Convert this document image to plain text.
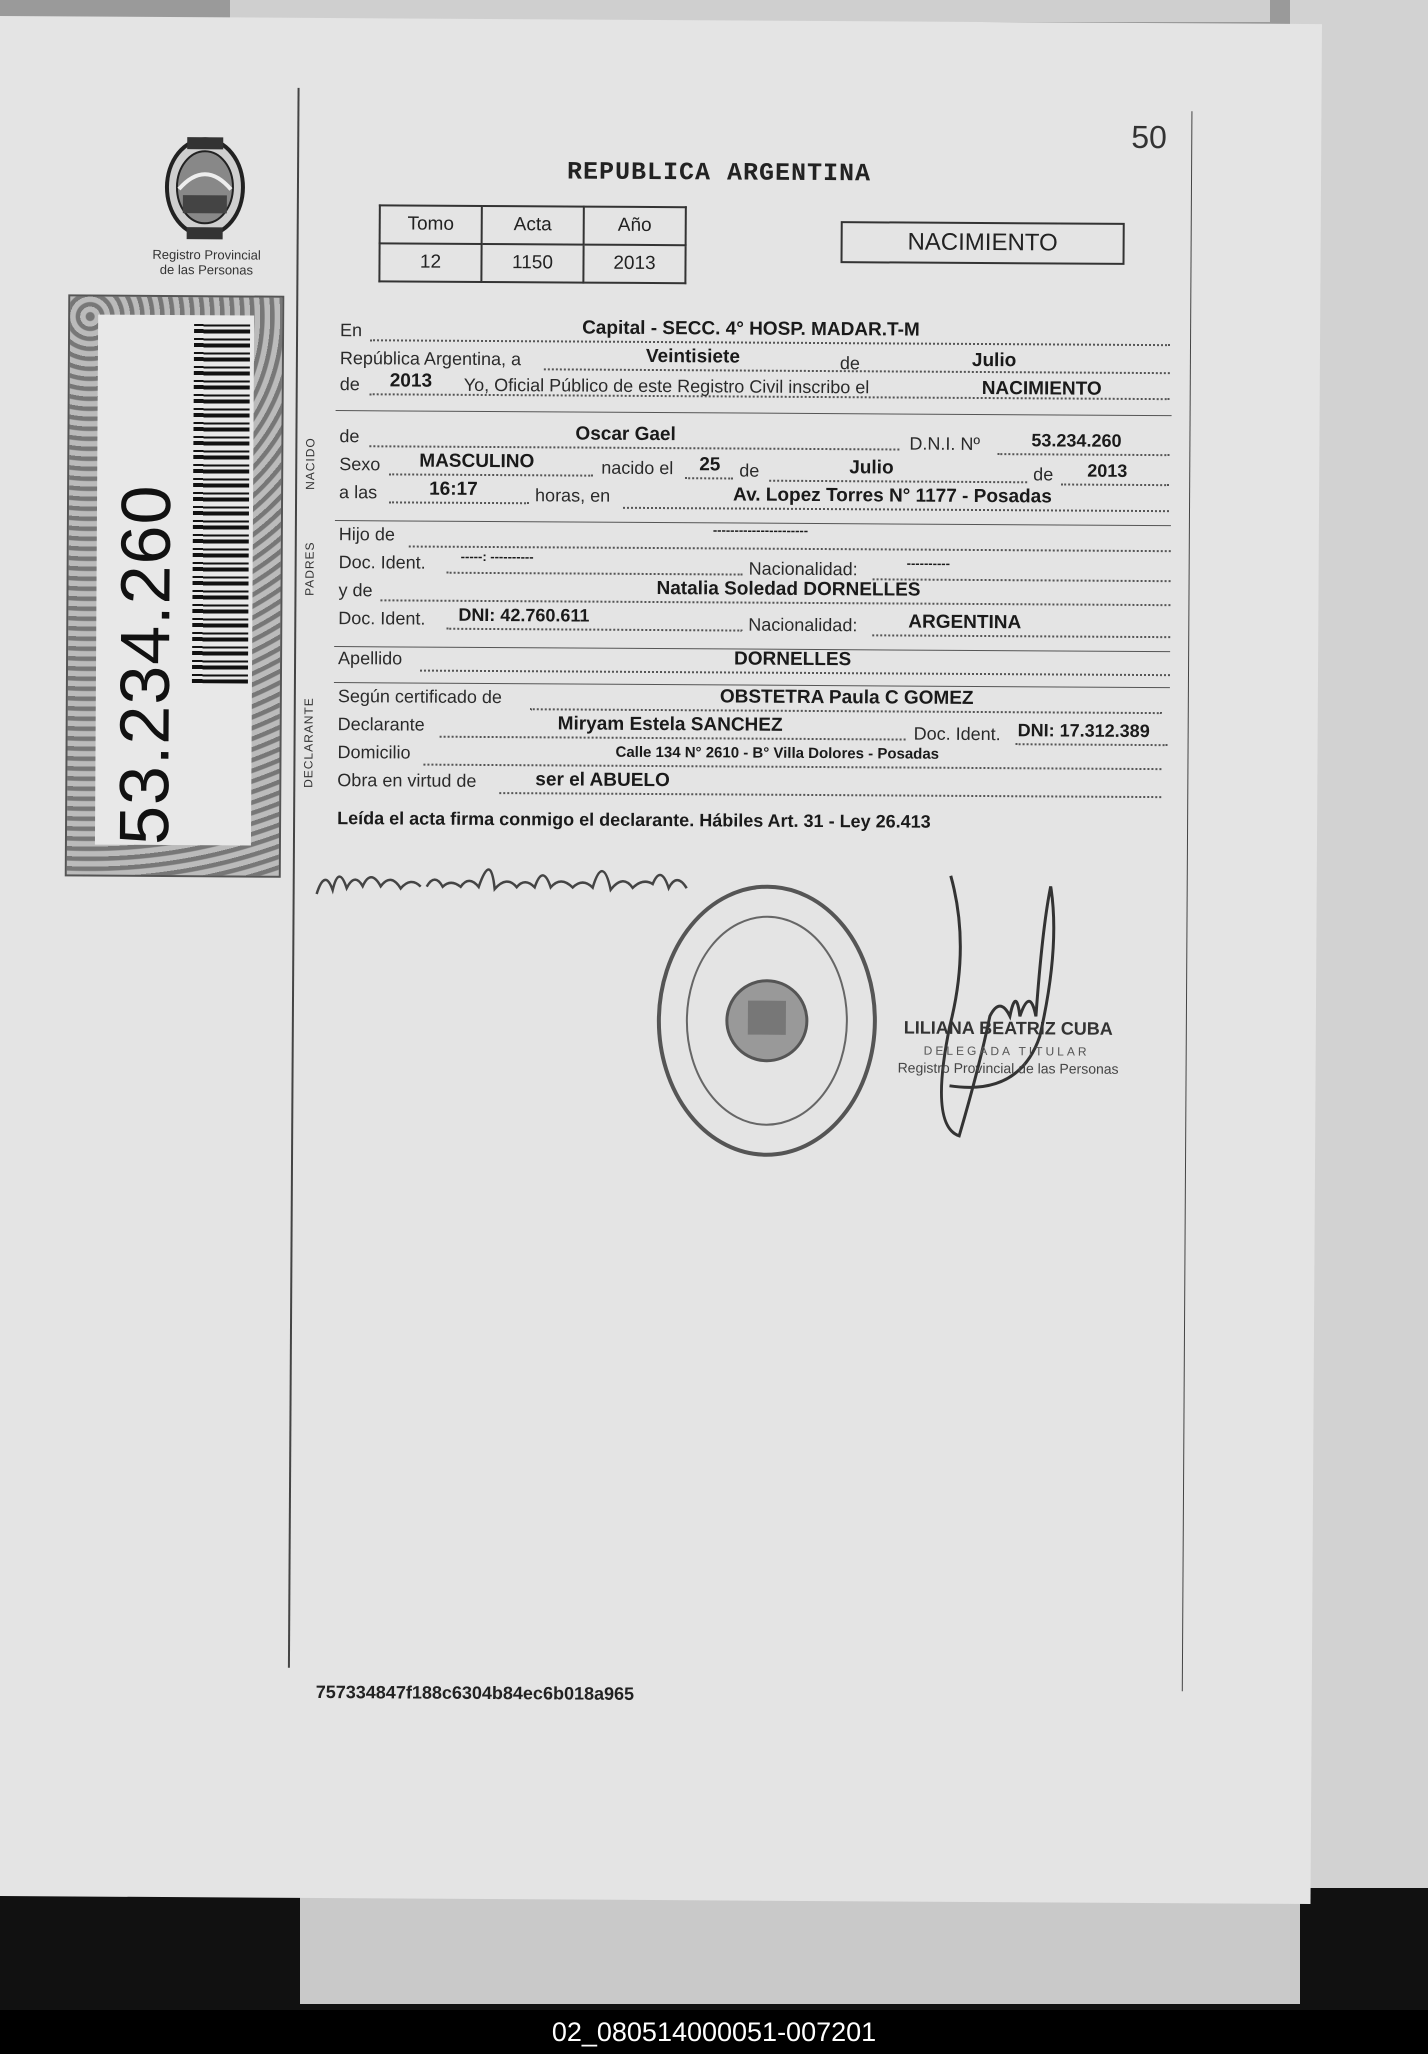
Registro Provincial
de las Personas
53.234.260
50
REPUBLICA ARGENTINA
Tomo	Acta	Año
12	1150	2013
NACIMIENTO
En	Capital - SECC. 4° HOSP. MADAR.T-M
República Argentina, a	Veintisiete	de	Julio
de 2013 Yo, Oficial Público de este Registro Civil inscribo el	NACIMIENTO
NACIDO
de	Oscar Gael	D.N.I. Nº	53.234.260
Sexo MASCULINO	nacido el 25 de	Julio	de 2013
a las	16:17	horas, en	Av. Lopez Torres N° 1177 - Posadas
PADRES
Hijo de	----------------------
Doc. Ident.	-----: ----------
Nacionalidad:	----------
y de	Natalia Soledad DORNELLES
Doc. Ident. DNI: 42.760.611	Nacionalidad:	ARGENTINA
Apellido	DORNELLES
DECLARANTE
Según certificado de	OBSTETRA Paula C GOMEZ
Declarante	Miryam Estela SANCHEZ	Doc. Ident. DNI: 17.312.389
Domicilio	Calle 134 N° 2610 - B° Villa Dolores - Posadas
Obra en virtud de	ser el ABUELO
Leída el acta firma conmigo el declarante. Hábiles Art. 31 - Ley 26.413
LILIANA BEATRIZ CUBA
DELEGADA TITULAR
Registro Provincial de las Personas
757334847f188c6304b84ec6b018a965
02_080514000051-007201
